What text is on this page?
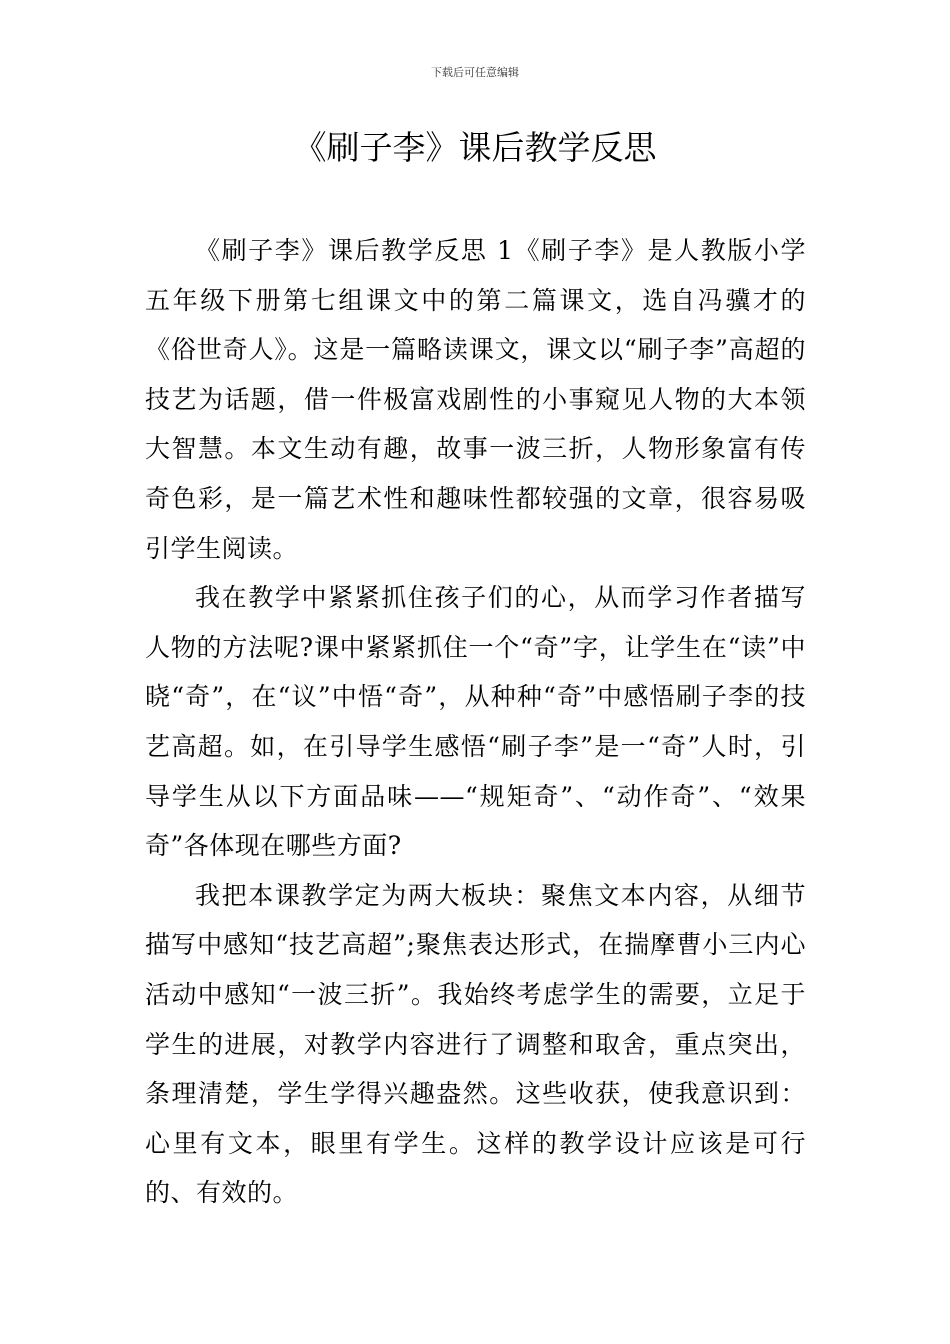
下载后可任意编辑
《刷子李》课后教学反思

《刷子李》课后教学反思 1《刷子李》是人教版小学五年级下册第七组课文中的第二篇课文，选自冯骥才的《俗世奇人》。这是一篇略读课文，课文以“刷子李”高超的技艺为话题，借一件极富戏剧性的小事窥见人物的大本领大智慧。本文生动有趣，故事一波三折，人物形象富有传奇色彩，是一篇艺术性和趣味性都较强的文章，很容易吸引学生阅读。

我在教学中紧紧抓住孩子们的心，从而学习作者描写人物的方法呢?课中紧紧抓住一个“奇”字，让学生在“读”中晓“奇”，在“议”中悟“奇”，从种种“奇”中感悟刷子李的技艺高超。如，在引导学生感悟“刷子李”是一“奇”人时，引导学生从以下方面品味——“规矩奇”、“动作奇”、“效果奇”各体现在哪些方面?

我把本课教学定为两大板块：聚焦文本内容，从细节描写中感知“技艺高超”;聚焦表达形式，在揣摩曹小三内心活动中感知“一波三折”。我始终考虑学生的需要，立足于学生的进展，对教学内容进行了调整和取舍，重点突出，条理清楚，学生学得兴趣盎然。这些收获，使我意识到：心里有文本，眼里有学生。这样的教学设计应该是可行的、有效的。
